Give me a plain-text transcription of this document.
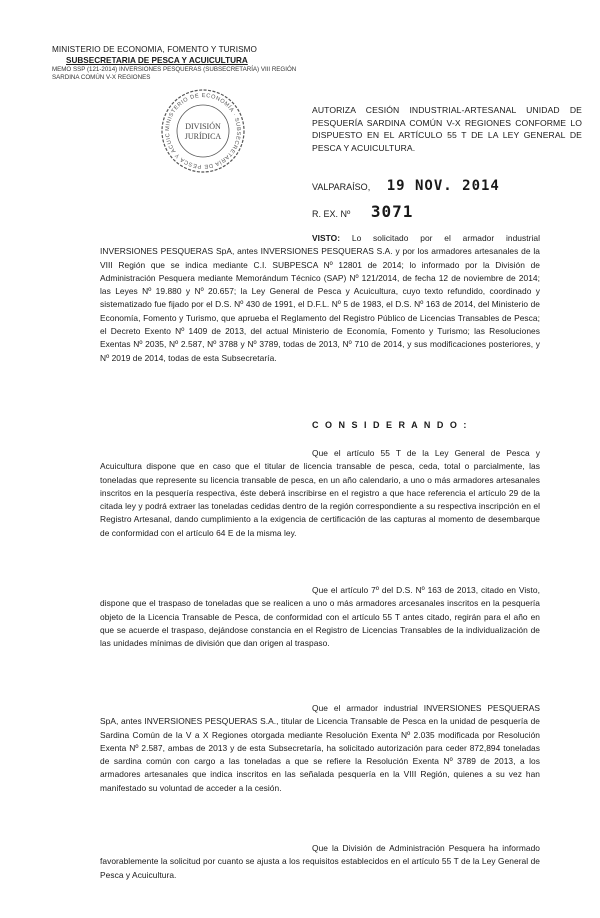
MINISTERIO DE ECONOMIA, FOMENTO Y TURISMO
SUBSECRETARIA DE PESCA Y ACUICULTURA
MEMO SSP (121-2014) INVERSIONES PESQUERAS (SUBSECRETARÍA) VIII REGIÓN
SARDINA COMÚN V-X REGIONES
MINISTERIO DE ECONOMÍA · SUBSECRETARÍA DE PESCA Y ACUIC
DIVISIÓN
JURÍDICA
AUTORIZA CESIÓN INDUSTRIAL-ARTESANAL UNIDAD DE PESQUERÍA SARDINA COMÚN V-X REGIONES CONFORME LO DISPUESTO EN EL ARTÍCULO 55 T DE LA LEY GENERAL DE PESCA Y ACUICULTURA.
VALPARAÍSO, 19 NOV. 2014
R. EX. Nº 3071
VISTO: Lo solicitado por el armador industrial INVERSIONES PESQUERAS SpA, antes INVERSIONES PESQUERAS S.A. y por los armadores artesanales de la VIII Región que se indica mediante C.I. SUBPESCA Nº 12801 de 2014; lo informado por la División de Administración Pesquera mediante Memorándum Técnico (SAP) Nº 121/2014, de fecha 12 de noviembre de 2014; las Leyes Nº 19.880 y Nº 20.657; la Ley General de Pesca y Acuicultura, cuyo texto refundido, coordinado y sistematizado fue fijado por el D.S. Nº 430 de 1991, el D.F.L. Nº 5 de 1983, el D.S. Nº 163 de 2014, del Ministerio de Economía, Fomento y Turismo, que aprueba el Reglamento del Registro Público de Licencias Transables de Pesca; el Decreto Exento Nº 1409 de 2013, del actual Ministerio de Economía, Fomento y Turismo; las Resoluciones Exentas Nº 2035, Nº 2.587, Nº 3788 y Nº 3789, todas de 2013, Nº 710 de 2014, y sus modificaciones posteriores, y Nº 2019 de 2014, todas de esta Subsecretaría.
C O N S I D E R A N D O :
Que el artículo 55 T de la Ley General de Pesca y Acuicultura dispone que en caso que el titular de licencia transable de pesca, ceda, total o parcialmente, las toneladas que represente su licencia transable de pesca, en un año calendario, a uno o más armadores artesanales inscritos en la pesquería respectiva, éste deberá inscribirse en el registro a que hace referencia el artículo 29 de la citada ley y podrá extraer las toneladas cedidas dentro de la región correspondiente a su respectiva inscripción en el Registro Artesanal, dando cumplimiento a la exigencia de certificación de las capturas al momento de desembarque de conformidad con el artículo 64 E de la misma ley.
Que el artículo 7º del D.S. Nº 163 de 2013, citado en Visto, dispone que el traspaso de toneladas que se realicen a uno o más armadores arcesanales inscritos en la pesquería objeto de la Licencia Transable de Pesca, de conformidad con el artículo 55 T antes citado, regirán para el año en que se acuerde el traspaso, dejándose constancia en el Registro de Licencias Transables de la individualización de las unidades mínimas de división que dan origen al traspaso.
Que el armador industrial INVERSIONES PESQUERAS SpA, antes INVERSIONES PESQUERAS S.A., titular de Licencia Transable de Pesca en la unidad de pesquería de Sardina Común de la V a X Regiones otorgada mediante Resolución Exenta Nº 2.035 modificada por Resolución Exenta Nº 2.587, ambas de 2013 y de esta Subsecretaría, ha solicitado autorización para ceder 872,894 toneladas de sardina común con cargo a las toneladas a que se refiere la Resolución Exenta Nº 3789 de 2013, a los armadores artesanales que indica inscritos en las señalada pesquería en la VIII Región, quienes a su vez han manifestado su voluntad de acceder a la cesión.
Que la División de Administración Pesquera ha informado favorablemente la solicitud por cuanto se ajusta a los requisitos establecidos en el artículo 55 T de la Ley General de Pesca y Acuicultura.
